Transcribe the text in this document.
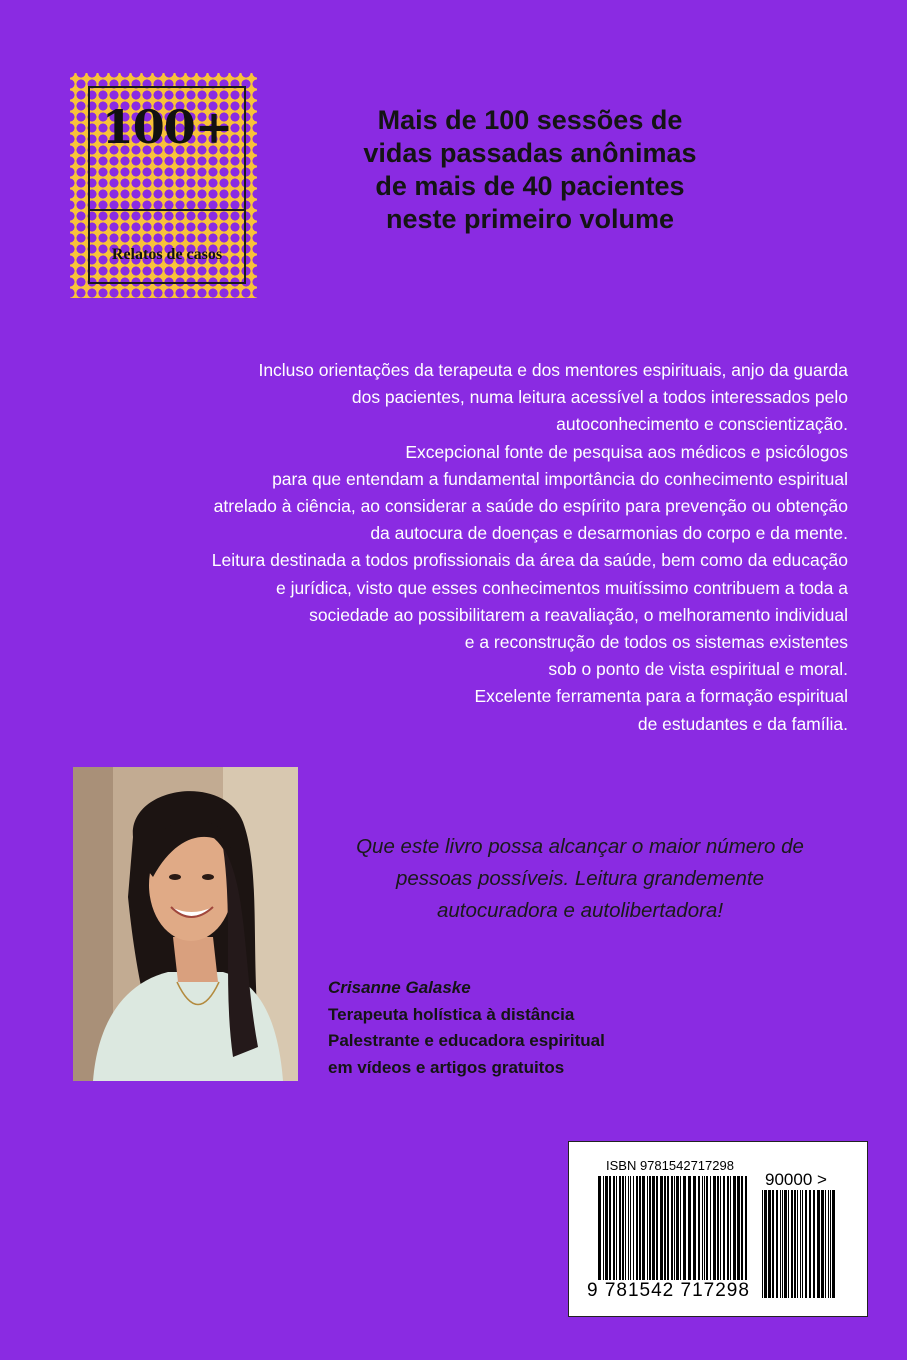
100+
Relatos de casos
Mais de 100 sessões de
vidas passadas anônimas
de mais de 40 pacientes
neste primeiro volume
Incluso orientações da terapeuta e dos mentores espirituais, anjo da guarda
dos pacientes, numa leitura acessível a todos interessados pelo
autoconhecimento e conscientização.
Excepcional fonte de pesquisa aos médicos e psicólogos
para que entendam a fundamental importância do conhecimento espiritual
atrelado à ciência, ao considerar a saúde do espírito para prevenção ou obtenção
da autocura de doenças e desarmonias do corpo e da mente.
Leitura destinada a todos profissionais da área da saúde, bem como da educação
e jurídica, visto que esses conhecimentos muitíssimo contribuem a toda a
sociedade ao possibilitarem a reavaliação, o melhoramento individual
e a reconstrução de todos os sistemas existentes
sob o ponto de vista espiritual e moral.
Excelente ferramenta para a formação espiritual
de estudantes e da família.
Que este livro possa alcançar o maior número de
pessoas possíveis. Leitura grandemente
autocuradora e autolibertadora!
Crisanne Galaske
Terapeuta holística à distância
Palestrante e educadora espiritual
em vídeos e artigos gratuitos
ISBN 9781542717298
90000 >
9 781542 717298
